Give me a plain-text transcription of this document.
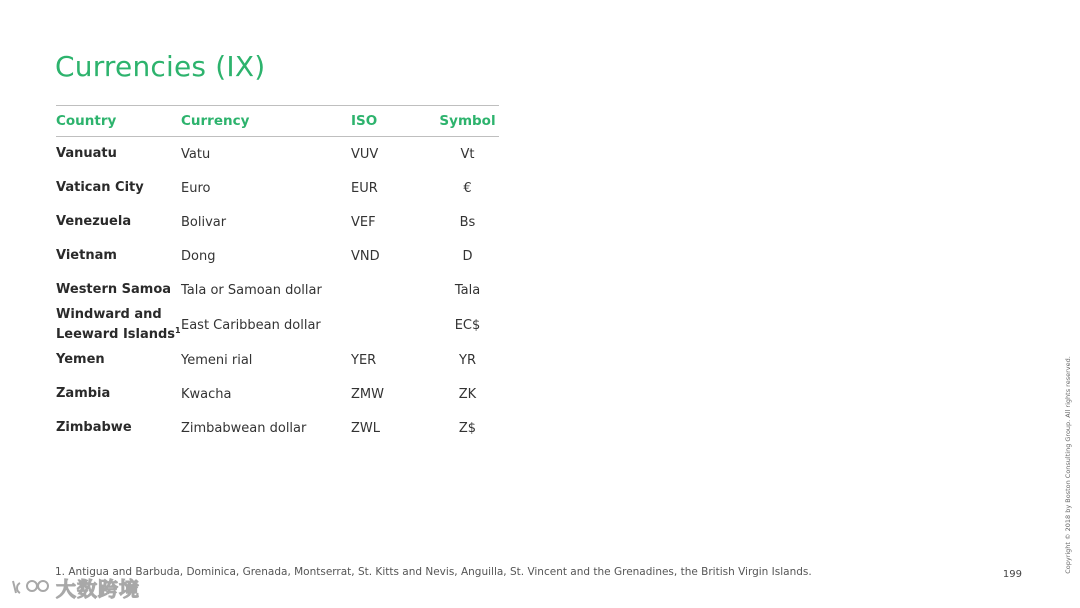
Currencies (IX)
Country	Currency	ISO	Symbol
Vanuatu	Vatu	VUV	Vt
Vatican City	Euro	EUR	€
Venezuela	Bolivar	VEF	Bs
Vietnam	Dong	VND	D
Western Samoa	Tala or Samoan dollar		Tala
Windward and Leeward Islands$^1$	East Caribbean dollar		EC$
Yemen	Yemeni rial	YER	YR
Zambia	Kwacha	ZMW	ZK
Zimbabwe	Zimbabwean dollar	ZWL	Z$
1. Antigua and Barbuda, Dominica, Grenada, Montserrat, St. Kitts and Nevis, Anguilla, St. Vincent and the Grenadines, the British Virgin Islands.	199
Copyright © 2018 by Boston Consulting Group. All rights reserved.
大数跨境
